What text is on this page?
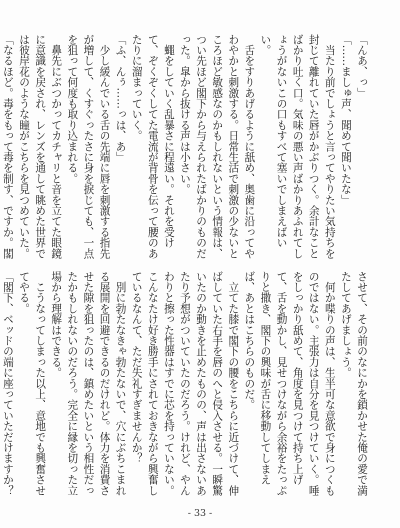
「んあ、っ」

「……ましゅ声、聞めて聞いたな」

　当たり前でしょうと言ってやりたい気持ちを封じて離れていた唇がかぶりつく。余計なことばかり吐く口。気味の悪い声ばかりあふれてしょうがないこの口もすべて塞いでしまえばいい。

　舌をすりあげるように舐め、奥歯に沿ってやわやかと刺激する。日常生活で刺激の少ないところほど敏感なのかもしれないという情報は、つい先ほど閣下から与えられたばかりのものだった。皐から抜ける声は小さい。

　蠅をしていく乱暴さに程遠い。それを受けて、ぞくぞくしてた電流が背骨を伝って腰のあたりに溜まっていく。

「ふ、んぅ……っは、あ」

　少し緩んでいる舌の先端に唇を刺激する指先が増して、くすぐったさに身を捩じても、一点を狙って何度も取り込まれる。

　鼻先にぶつかってカチャリと音を立てた眼鏡に意識を戻され、レンズを通して眺めた世界では彼岸花のような瞳がこちらを見つめていた。

「なるほど。毒をもって毒を制す、ですか。閣

させて、その前のなにかを鎖かせた俺の愛で満たしてあげましょう。

　何か喋りの声は、生半可な意欲で身につくものではない。主張力は自分を見つけていく。唾をしっかり舐めて、角度を見つけて持ち上げて、舌を動かし、見せつけながら余裕をたっぷりと撒き、閣下の興味が舌に移動してしまえば、あとはこちらのものだ。

　立てた膝で閣下の腰をこちらに近づけて、伸ばしていた右手を唇のへと侵入させる。一瞬驚いたのか動きを止めたものの、声は出さないあたり予想がついていたのだろう。けれど、やんわりと擦った性器はすでに芯を持っていない。こんなたけ好き勝手にされておきながら興奮しているなんて、ただ失礼すぎませんか？

　別に勃たなきゃ勃たないで、穴にぶちこまれる展開を回避できるのだけれど。体力を消費させた隙を狙ったのは、鎮めたいという相性だったかもしれないのだろう。完全に縁を切った立場から理解はできる。

　こうなってしまった以上、意地でも興奮させてやる。

「閣下、ベッドの端に座っていただけますか？　

- 33 -
